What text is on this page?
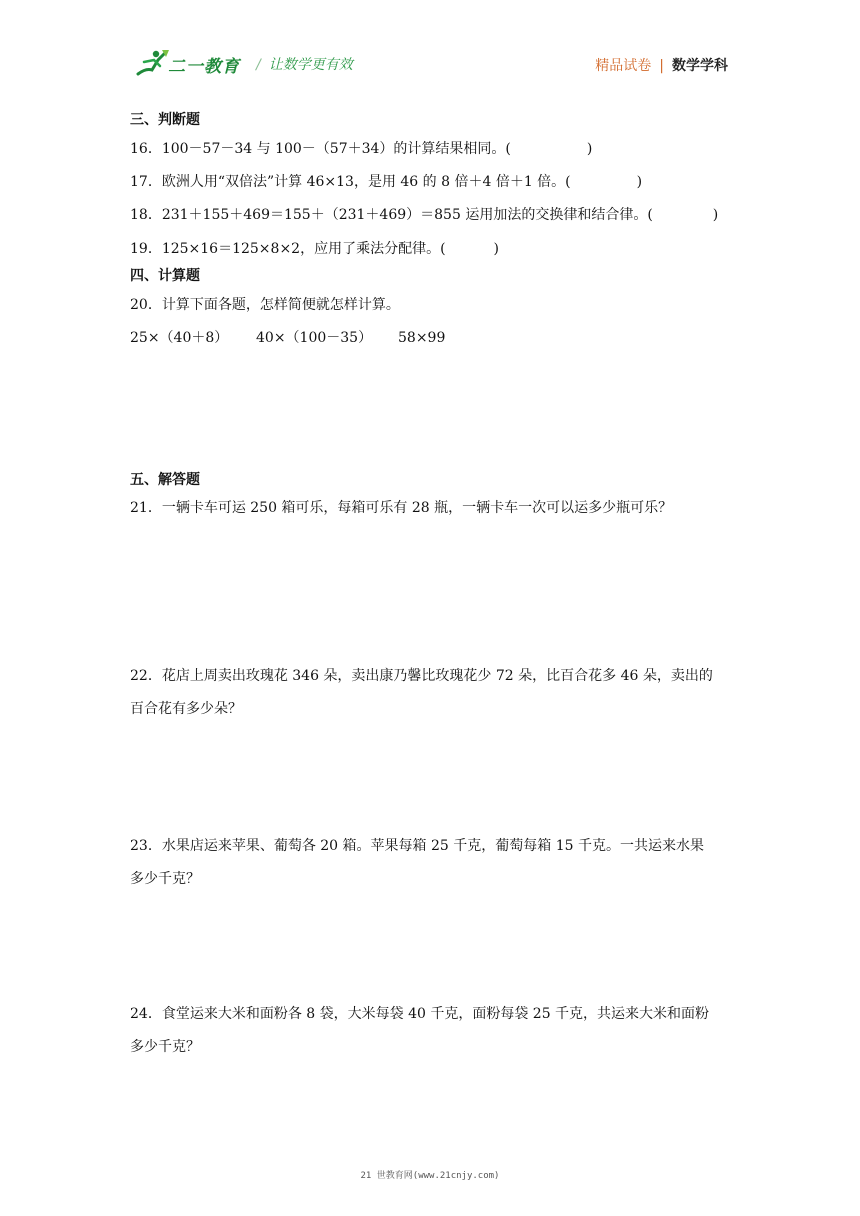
二一教育 / 让数学更有效	精品试卷 | 数学学科
三、判断题
16．100－57－34 与 100－（57＋34）的计算结果相同。(	)
17．欧洲人用“双倍法”计算 46×13，是用 46 的 8 倍＋4 倍＋1 倍。(	)
18．231＋155＋469＝155＋（231＋469）＝855 运用加法的交换律和结合律。(	)
19．125×16＝125×8×2，应用了乘法分配律。(	)
四、计算题
20．计算下面各题，怎样简便就怎样计算。
25×（40＋8） 40×（100－35） 58×99
五、解答题
21．一辆卡车可运 250 箱可乐，每箱可乐有 28 瓶，一辆卡车一次可以运多少瓶可乐？
22．花店上周卖出玫瑰花 346 朵，卖出康乃馨比玫瑰花少 72 朵，比百合花多 46 朵，卖出的
百合花有多少朵？
23．水果店运来苹果、葡萄各 20 箱。苹果每箱 25 千克，葡萄每箱 15 千克。一共运来水果
多少千克？
24．食堂运来大米和面粉各 8 袋，大米每袋 40 千克，面粉每袋 25 千克，共运来大米和面粉
多少千克？
21 世教育网(www.21cnjy.com)
